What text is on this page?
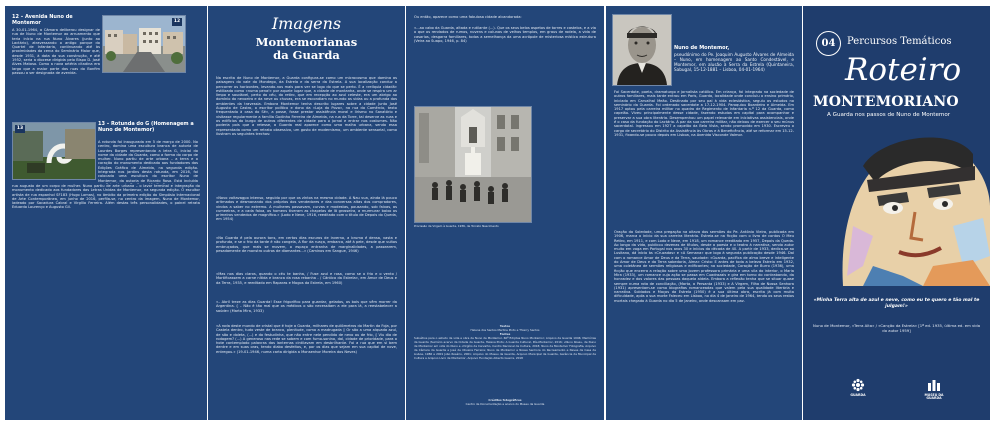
12 – Avenida Nuno de Montemor
A 30-01-1964, a Câmara deliberou designar de rua de Nuno de Montemor ao arruamento que teria início na rua Nuno Álvares (junto ao Lactário), atravessando o antigo parque do Quartel de Infantaria, continuando até às proximidades da cerca do Seminário Maior que, desde 1931, à data da sua construção, e até 1952, seria a diocese dirigida pelo Bispo D. José Alves Matoso. Como a nova artéria citadina era larga que a maior parte das ruas do Bonfim passou a ser designada de avenida.
12
13
13 – Rotunda do G (Homenagem a Nuno de Montemor)
A rotunda foi inaugurada em 5 de março de 2000. No centro, domina uma escultura branca de autoria de Lourdes Borges representando a letra G, inicial do nome da cidade da Guarda, como a forma do corpo de mulher. Nuno partiu de arte urbana – a terra e o coração do monumento dedicado aos fundadores das Edições Gráfica de Almeida, na segunda edição. Integrada nos jardins desta rotunda, em 2016, foi colocada uma escultura do escritor Nuno de Montemor, da autoria de Ricardo Rosa. Está incluída
rua augusto de um corpo de mulher. Nuno partiu de arte urbana – o lavor terminal e integração do monumento dedicado aos fundadores das Letras Unidas de Montemor, na segunda edição. O escultor artista de rua espanhol SF183 (Hugo Lomas), no âmbito da primeira edição do Simpósio Internacional de Arte Contemporânea, em junho de 2016, perfila-se, no centro da imagem, Nuno de Montemor, ladeado por Sacadura Cabral e Virgílio Ferreira. Além destas três personalidades, o painel retrata Eduardo Lourenço e Augusto Gil.
Imagens
Montemorianas
da Guarda
Na escrita de Nuno de Montemor, a Guarda configura-se como um microcosmo que domina as paisagens do vale do Mondego, da Estrela e da serra da Estrela. A sua localização conduz a percorrer os horizontes, levando-nos mais para ver se logo do que se perto. É a «relíquia cidadã» estilizada como «numa pena!» por aquele lugar que, a cidade de montanha, onde se respira um ar limpo e saudável, perto do céu, do retiro, que em recepção ao azul celeste, era um abrigo ao domínio do nevoeiro e da neve ou chuvas, era se escondiam no mundo as vidas ou a profunda dos ambientes da travessia. Embora Montemor tenha descrito lugares sobre a cidade junto José Augusto de Castro, o escritor político e dono da «Loja do Povo», na rua do Comércio, texto frequentado à casa do Sé», a posse, fosse prestar assistência moral e lirismo no Sanatório e visitasse regularmente a família Godinho Ferreira de Almeida, na rua da Torre, tal deserve as ruas e os edifícios do burgo de outros diferentes de cidade para o jornal e entrar nos costumes. Não poderia pois que a retesse, a Guarda real aparece como uma malha urbana, sendo essa representada como um retrato obsessivo, um gosto de modernismo, um ambiente sensorial, como ilustram os seguintes trechos:
«Novo voltavagpo intenso, seguido por que os zíntos na mesma cidade. A Nau vua, ainda lá pouco aritmados e desmanando dos próprios dos vendedores e das conversas altas dos compradores, vindos a saber no extremo. A mulheres passavam, curvas e modestas, pousando, sob faixas, as cumeeiras, e a cada faixa, os homens tiveram as chapelas de lã grosseira, a murmurar baixo os primeiros vendedos de magnífico.» (Lodo e Neve, 1916, reeditado com o título de Depois do Queda, em 1954)
«Na Guarda é pela aurora tons, em certos dias escuros de inverno, a bruma é densa, vasta e profunda, e se o frio da tarde é não congela, A flor da ruaça, embarca, até à pele, desde que vultos embruçados, que mais se movem, o espaço entranha de marginalidades, a passearem, pesadamente de monstro outros de diamantes...» (Caminos em Sangue, 1946)
«Mas nos dias claros, quando o céu te banha, / Fuse azul e rosa, como se o frio e o vento / Mortificassem a carne nítida e branca da rosa rebanha - / Cântico da Estrela», em Amor de Deus e da Terra, 1935, e reeditado em Raparas e Mogos da Estrela, em 1960)
«– Abril treze as dias Guarda! Esse frigorífico para guardar, gelados, os bois que vêm morrer da Argentina. ◊ – Não é tão mal que os médicos o são necessitam a ele para lá, a reestabelecer a saúde» (Marta Mira, 1933)
«A roda deste mundo de cristal que é hoje a Guarda, milhares de quilómetros do Martin da Foja, por Castela dentro, tudo veste de branco, plenitude, como a madrugada ◊ Or são a uma alquada azul, de são e doleta, (...) e do festudinha, que não entre nele pendido de nevo ou de frio, ◊ Viu dia de rodagem? (...) A generoso nas rede se sobem e com fumo-sonino, daí, cidade de prioridade, para o hote contemplado palavras das lanternas cintilavam em desbrilhante. Foi a rua que em si bem dentre e em suas oras, tendo diabo desfeitos, e, por os dias que sejam em sua capital de nove, entregou.» (19-01-1946, numa carta dirigida a Monsenhor Moreira dos Neves)
Ou então, aparece como uma fabulosa cidade alcandorada:
«...ao cabo da Guarda, altada e rutilante (...). Que os seus belos aspetos de torres e castelos, e a via o que os rendados de rumos, nuvens e colunas de velhos templos, em graus de rodeia, a vida de casarios, desgarra familiares, todos a semelhança da uma acrópole de misteriosa mística estrutura (Veira ao Suapo, 1946, p. 84)
Procissão da Virgem à Guarda, 1936, de Torcato Nascimento
Textos
Helena dos Santos Martins Pinto e Thierry Santos
Fontes
Subsídios para o estudo da vida e obra de Nuno de Montemor. 60ª Edições Nuno Montemor; Arquivo da Guarda 1946; Memórias da Guarda (Sumário acervo da Cidade da Guarda, Helena Pinto; A Guarda Cultural, Pós-Montemor, 2016; «Nuno Rosa», de Nuno de Montemor em vida do Nuno e «Virgílio de Carvalho, Centro Nacional de Cultura, 2018; Nuno de Montemor Fotografia, Arquivo da Câmara da Guarda e José de Oliveira Ferreira; Nuno de Montemor e Nossa Senhora do Recreamento e Neves da Casa de Lisboa, 1986 e 2001 João Rosário, 2001; Arquivo do Museu da Guarda, Arquivo Municipal da Guarda, Gerência de Municipal de Cultura e Arquivo Livro de Montemor, Arquivo Fundação Alberto Guerra, 2018
Créditos fotográficos
Centro de Documentação e acervo do Museu da Guarda
Nuno de Montemor,
pseudónimo do Pe. Joaquim Augusto Álvares de Almeida – Nuno, em homenagem ao Santo Condestável, e Montemor, em alusão à Serra da Estrela (Quintaneira, Sabugal, 15-12-1881 – Lisboa, 04-01-1964)
Foi Sacerdote, poeta, dramaturgo e jornalista católico. Em criança, foi integrado na sociedade de outros familiares, mais tarde entrou em Paris, Guarda, localidade onde concluiu o ensino primário, iniciado em Carvalhal Meão. Destinado por seu pai à vida eclesiástica, seguiu os estudos no seminário da Guarda. Foi ordenado sacerdote a 17-12-1904. Paroquiou Boardeiro e Almeida. Em 1917 optou pela carreira militar no quadro de Regimento de Infantaria n.º 12 da Guarda, como capelão. Viveu principalmente desse cidade, fazendo estudos em capital para acompanhar e preservar a sua obra literária. Desempenhou um papel relevante em iniciativas assistenciais, onde é o caso da fundação do Lactário. À par da sua carreira militar, não deixou de exercer o seu múnus sacerdotal. Ingressou em 1927 a capelão da Bela Vista, sendo promovido em 1930. Escreveu o cargo de secretário do Distrito da Assistência às Obras e à Beneficência, até se reformar em 15-12-1931, fixando-se pouco depois em Lisboa, na Avenida Visconde Valmor.
Oração da Soledade, uma pregação na oitava dos sermões do Pe. António Vieira, publicada em 1906, marca o início da sua carreira literária. Estreia-se na ficção com o livro de contos O Meu Retiro, em 1911, e com Lodo e Neve, em 1918, um romance reeditado em 1957, Depois da Queda. Ao longo da vida, publicou dezenas de títulos, desde a poesia e o teatro à narrativa, sendo autor muito em voga em Portugal nos anos 30 e inícios da década de 40. A partir de 1933, dedica-se ao Lusitano, dá início às «Cruzadas» e «A Semana» que logo à segunda publicação desde 1946. Daí com o romance Amor de Deus e da Terra, saudade: «Guarda, pacífica de alma breve e inteligente do Amor de Deus e da Terra sabedoria, Alma» Cristo: E antes de toda a beleza Estrela em 1932, uma coletânea de sermões religiosos e edificantes; na sociedade, Coração de Burro (1936), uma ficção que encerra a relação sobre uma jovem professora primária e uma vila do interior, o Maria Mira (1933), um romance cuja ação se passa em Cuadrazais e gira em torno do contrabando, da honradez e dos valores das pessoas daquela aldeia. Embora a reflexão tenha que se situar quase sempre numa rota de conciliação, (Marta, a Persanta (1933) e A Virgem, Filha de Nossa Senhora (1931) apresentam-se como biografias romanceadas que valem pela sua qualidade literária e narrativa. Soldados e Moços da Estrela (1950) é a sua última obra, escrita já com muita dificuldade, após a sua morte Faleceu em Lisboa, no dia 4 de janeiro de 1964, tendo os seus restos mortais chegado à Guarda no dia 5 de janeiro, onde descansam em paz.
04	Percursos Temáticos
Roteiro
MONTEMORIANO
A Guarda nos passos de Nuno de Montemor
«Minha Terra alta de azul e neve, como eu te quero e tão mal te julgam!»
Nuno de Montemor, «Terra Alta» / «Canção da Estrela» [1ª ed. 1935, última ed. em vida do autor 1959]
GUARDA	MUSEU DA GUARDA
